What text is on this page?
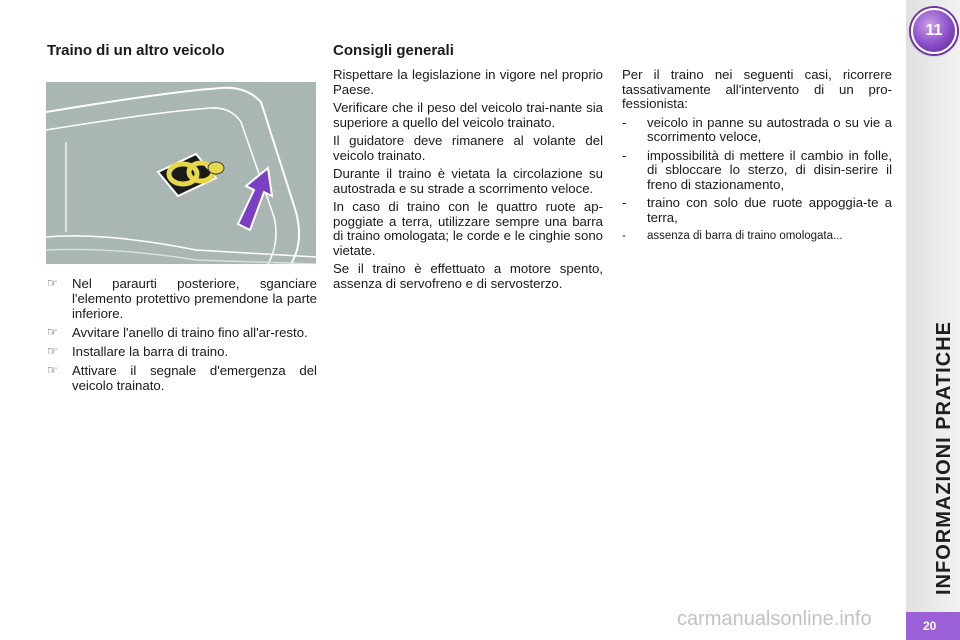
Traino di un altro veicolo	Consigli generali
☞	Nel paraurti posteriore, sganciare l'elemento protettivo premendone la parte inferiore.
☞	Avvitare l'anello di traino fino all'ar-resto.
☞	Installare la barra di traino.
☞	Attivare il segnale d'emergenza del veicolo trainato.

Rispettare la legislazione in vigore nel proprio Paese.

Verificare che il peso del veicolo trai-nante sia superiore a quello del veicolo trainato.

Il guidatore deve rimanere al volante del veicolo trainato.

Durante il traino è vietata la circolazione su autostrada e su strade a scorrimento veloce.

In caso di traino con le quattro ruote ap-poggiate a terra, utilizzare sempre una barra di traino omologata; le corde e le cinghie sono vietate.

Se il traino è effettuato a motore spento, assenza di servofreno e di servosterzo.

Per il traino nei seguenti casi, ricorrere tassativamente all'intervento di un pro-fessionista:

- veicolo in panne su autostrada o su vie a scorrimento veloce,
- impossibilità di mettere il cambio in folle, di sbloccare lo sterzo, di disin-serire il freno di stazionamento,
- traino con solo due ruote appoggia-te a terra,
- assenza di barra di traino omologata...
11
INFORMAZIONI PRATICHE
20
carmanualsonline.info
